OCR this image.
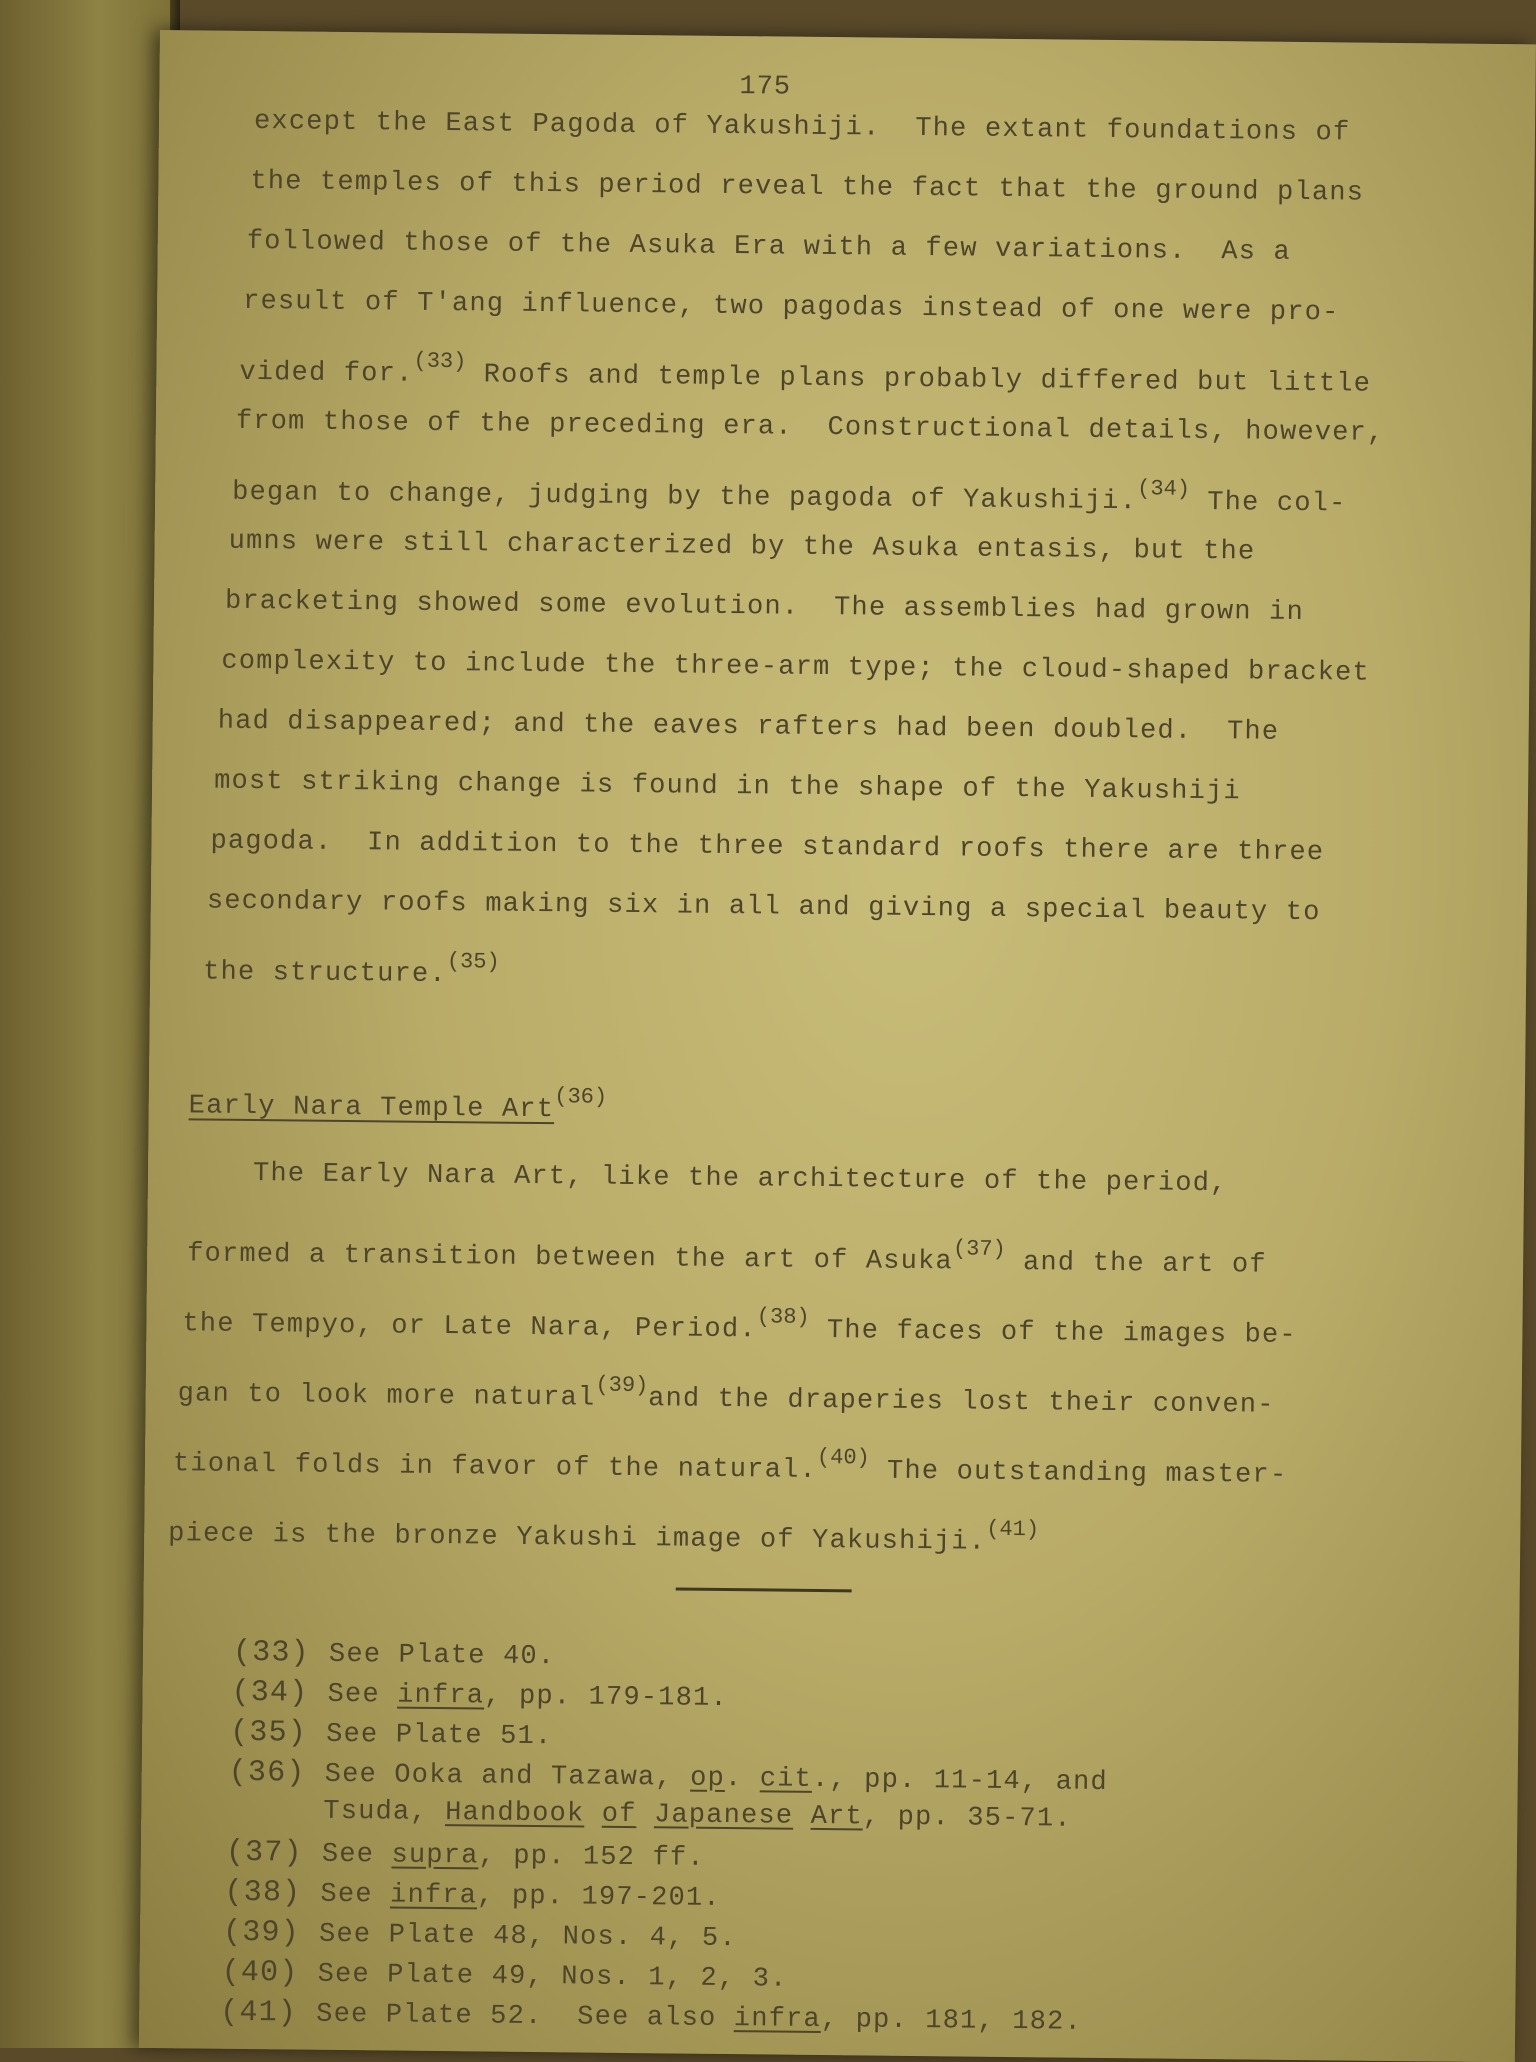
175
except the East Pagoda of Yakushiji.  The extant foundations of
the temples of this period reveal the fact that the ground plans
followed those of the Asuka Era with a few variations.  As a
result of T'ang influence, two pagodas instead of one were pro-
vided for.$^{(33)}$ Roofs and temple plans probably differed but little
from those of the preceding era.  Constructional details, however,
began to change, judging by the pagoda of Yakushiji.$^{(34)}$ The col-
umns were still characterized by the Asuka entasis, but the
bracketing showed some evolution.  The assemblies had grown in
complexity to include the three-arm type; the cloud-shaped bracket
had disappeared; and the eaves rafters had been doubled.  The
most striking change is found in the shape of the Yakushiji
pagoda.  In addition to the three standard roofs there are three
secondary roofs making six in all and giving a special beauty to
the structure.$^{(35)}$
Early Nara Temple Art$^{(36)}$
The Early Nara Art, like the architecture of the period,
formed a transition between the art of Asuka$^{(37)}$ and the art of
the Tempyo, or Late Nara, Period.$^{(38)}$ The faces of the images be-
gan to look more natural$^{(39)}$and the draperies lost their conven-
tional folds in favor of the natural.$^{(40)}$ The outstanding master-
piece is the bronze Yakushi image of Yakushiji.$^{(41)}$
(33) See Plate 40.
(34) See infra, pp. 179-181.
(35) See Plate 51.
(36) See Ooka and Tazawa, op. cit., pp. 11-14, and
Tsuda, Handbook of Japanese Art, pp. 35-71.
(37) See supra, pp. 152 ff.
(38) See infra, pp. 197-201.
(39) See Plate 48, Nos. 4, 5.
(40) See Plate 49, Nos. 1, 2, 3.
(41) See Plate 52.  See also infra, pp. 181, 182.
